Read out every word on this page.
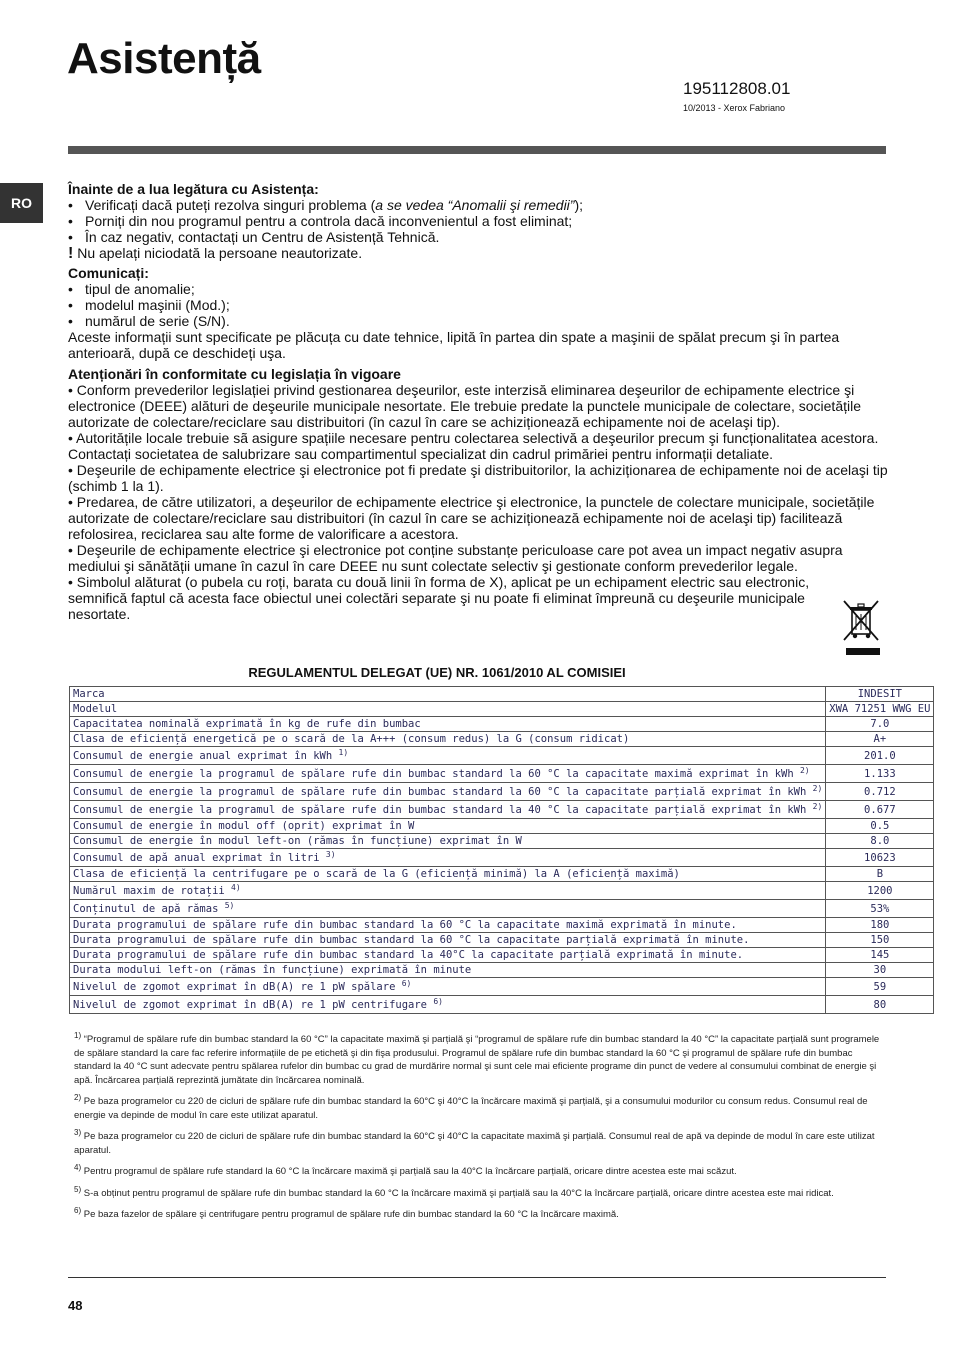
Asistență
195112808.01
10/2013 - Xerox Fabriano
RO

Înainte de a lua legătura cu Asistența:

• Verificați dacă puteți rezolva singuri problema (a se vedea “Anomalii şi remedii”);
• Porniți din nou programul pentru a controla dacă inconvenientul a fost eliminat;
• În caz negativ, contactați un Centru de Asistență Tehnică.

! Nu apelați niciodată la persoane neautorizate.

Comunicați:

• tipul de anomalie;
• modelul maşinii (Mod.);
• numărul de serie (S/N).

Aceste informații sunt specificate pe plăcuța cu date tehnice, lipită în partea din spate a maşinii de spălat precum şi în partea anterioară, după ce deschideți uşa.

Atenționări în conformitate cu legislația în vigoare

• Conform prevederilor legislației privind gestionarea deşeurilor, este interzisă eliminarea deşeurilor de echipamente electrice şi electronice (DEEE) alături de deşeurile municipale nesortate. Ele trebuie predate la punctele municipale de colectare, societățile autorizate de colectare/reciclare sau distribuitori (în cazul în care se achiziționează echipamente noi de acelaşi tip).

• Autoritățile locale trebuie sã asigure spațiile necesare pentru colectarea selectivă a deşeurilor precum şi funcționalitatea acestora. Contactați societatea de salubrizare sau compartimentul specializat din cadrul primăriei pentru informații detaliate.

• Deşeurile de echipamente electrice şi electronice pot fi predate şi distribuitorilor, la achiziționarea de echipamente noi de acelaşi tip (schimb 1 la 1).

• Predarea, de către utilizatori, a deşeurilor de echipamente electrice şi electronice, la punctele de colectare municipale, societățile autorizate de colectare/reciclare sau distribuitori (în cazul în care se achiziționează echipamente noi de acelaşi tip) facilitează refolosirea, reciclarea sau alte forme de valorificare a acestora.

• Deşeurile de echipamente electrice şi electronice pot conține substanțe periculoase care pot avea un impact negativ asupra mediului şi sănătății umane în cazul în care DEEE nu sunt colectate selectiv şi gestionate conform prevederilor legale.

• Simbolul alăturat (o pubela cu roți, barata cu două linii în forma de X), aplicat pe un echipament electric sau electronic, semnifică faptul că acesta face obiectul unei colectări separate şi nu poate fi eliminat împreună cu deşeurile municipale nesortate.

REGULAMENTUL DELEGAT (UE) NR. 1061/2010 AL COMISIEI
Marca	INDESIT
Modelul	XWA 71251 WWG EU
Capacitatea nominală exprimată în kg de rufe din bumbac	7.0
Clasa de eficiență energetică pe o scară de la A+++ (consum redus) la G (consum ridicat)	A+
Consumul de energie anual exprimat în kWh $^{1)}$	201.0
Consumul de energie la programul de spălare rufe din bumbac standard la 60 °C la capacitate maximă exprimat în kWh $^{2)}$	1.133
Consumul de energie la programul de spălare rufe din bumbac standard la 60 °C la capacitate parțială exprimat în kWh $^{2)}$	0.712
Consumul de energie la programul de spălare rufe din bumbac standard la 40 °C la capacitate parțială exprimat în kWh $^{2)}$	0.677
Consumul de energie în modul off (oprit) exprimat în W	0.5
Consumul de energie în modul left-on (rămas în funcțiune) exprimat în W	8.0
Consumul de apă anual exprimat în litri $^{3)}$	10623
Clasa de eficiență la centrifugare pe o scară de la G (eficiență minimă) la A (eficiență maximă)	B
Numărul maxim de rotații $^{4)}$	1200
Conținutul de apă rămas $^{5)}$	53%
Durata programului de spălare rufe din bumbac standard la 60 °C la capacitate maximă exprimată în minute.	180
Durata programului de spălare rufe din bumbac standard la 60 °C la capacitate parțială exprimată în minute.	150
Durata programului de spălare rufe din bumbac standard la 40°C la capacitate parțială exprimată în minute.	145
Durata modului left-on (rămas în funcțiune) exprimată în minute	30
Nivelul de zgomot exprimat în dB(A) re 1 pW spălare $^{6)}$	59
Nivelul de zgomot exprimat în dB(A) re 1 pW centrifugare $^{6)}$	80

$^{1)}$ “Programul de spălare rufe din bumbac standard la 60 °C” la capacitate maximă şi parțială şi “programul de spălare rufe din bumbac standard la 40 °C” la capacitate parțială sunt programele de spălare standard la care fac referire informațiile de pe etichetă şi din fişa produsului. Programul de spălare rufe din bumbac standard la 60 °C şi programul de spălare rufe din bumbac standard la 40 °C sunt adecvate pentru spălarea rufelor din bumbac cu grad de murdărire normal şi sunt cele mai eficiente programe din punct de vedere al consumului combinat de energie şi apă. Încărcarea parțială reprezintă jumătate din încărcarea nominală.

$^{2)}$ Pe baza programelor cu 220 de cicluri de spălare rufe din bumbac standard la 60°C şi 40°C la încărcare maximă şi parțială, şi a consumului modurilor cu consum redus. Consumul real de energie va depinde de modul în care este utilizat aparatul.

$^{3)}$ Pe baza programelor cu 220 de cicluri de spălare rufe din bumbac standard la 60°C şi 40°C la capacitate maximă şi parțială. Consumul real de apă va depinde de modul în care este utilizat aparatul.

$^{4)}$ Pentru programul de spălare rufe standard la 60 °C la încărcare maximă şi parțială sau la 40°C la încărcare parțială, oricare dintre acestea este mai scăzut.

$^{5)}$ S-a obținut pentru programul de spălare rufe din bumbac standard la 60 °C la încărcare maximă şi parțială sau la 40°C la încărcare parțială, oricare dintre acestea este mai ridicat.

$^{6)}$ Pe baza fazelor de spălare şi centrifugare pentru programul de spălare rufe din bumbac standard la 60 °C la încărcare maximă.

48
